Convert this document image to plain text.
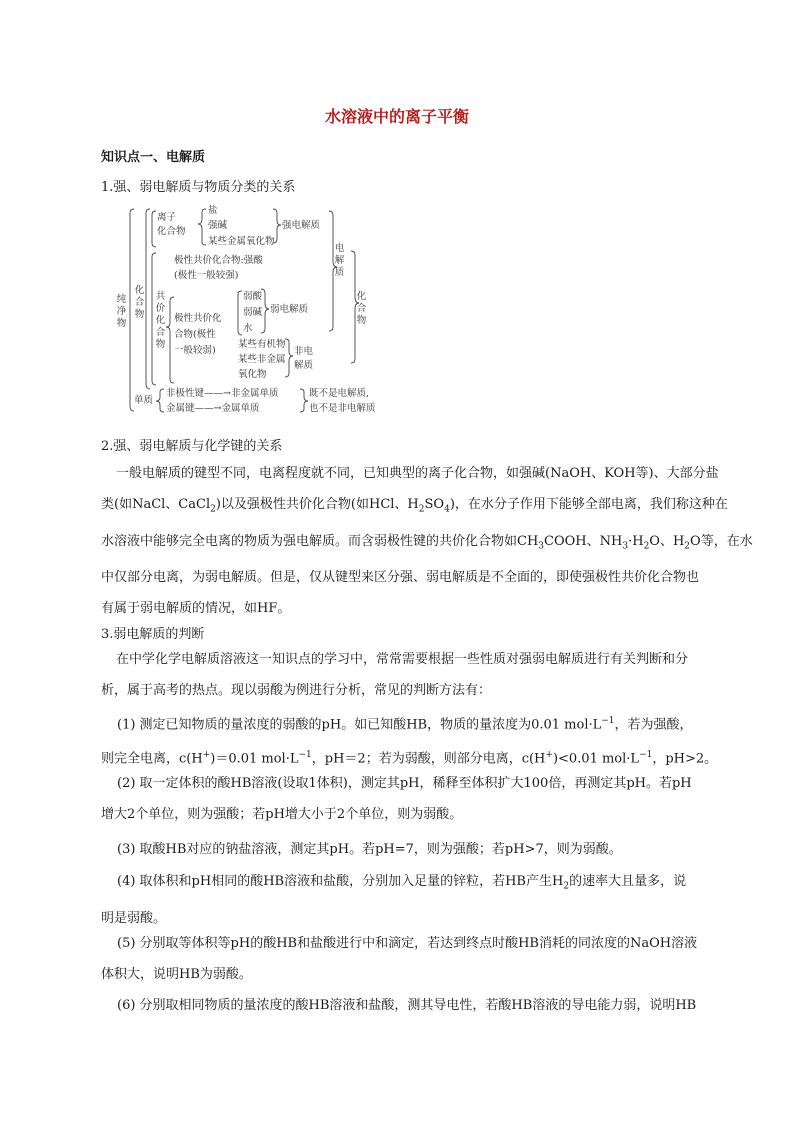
水溶液中的离子平衡
知识点一、电解质

1.强、弱电解质与物质分类的关系

纯净物
化合物
离子
化合物
盐
强碱
某些金属氧化物
强电解质
极性共价化合物:强酸
(极性一般较强)
共价化合物
极性共价化
合物(极性
一般较弱)
弱酸
弱碱
水
弱电解质
某些有机物
某些非金属
氧化物
非电
解质
电解质
化合物
单质
非极性键——→非金属单质
金属键——→金属单质
既不是电解质,
也不是非电解质

2.强、弱电解质与化学键的关系

　一般电解质的键型不同，电离程度就不同，已知典型的离子化合物，如强碱(NaOH、KOH等)、大部分盐
类(如NaCl、CaCl$_2$)以及强极性共价化合物(如HCl、$H_2SO_4$)，在水分子作用下能够全部电离，我们称这种在
水溶液中能够完全电离的物质为强电解质。而含弱极性键的共价化合物如$CH_3COOH$、$NH_3\cdot H_2O$、$H_2O$等，在水
中仅部分电离，为弱电解质。但是，仅从键型来区分强、弱电解质是不全面的，即使强极性共价化合物也
有属于弱电解质的情况，如HF。

3.弱电解质的判断

　在中学化学电解质溶液这一知识点的学习中，常常需要根据一些性质对强弱电解质进行有关判断和分
析，属于高考的热点。现以弱酸为例进行分析，常见的判断方法有：
　(1) 测定已知物质的量浓度的弱酸的pH。如已知酸HB，物质的量浓度为0.01 $mol\cdot L^{-1}$，若为强酸，
则完全电离，c(H+)＝0.01 $mol\cdot L^{-1}$，pH＝2；若为弱酸，则部分电离，c(H+)<0.01 $mol\cdot L^{-1}$，pH>2。
　(2) 取一定体积的酸HB溶液(设取1体积)，测定其pH，稀释至体积扩大100倍，再测定其pH。若pH
增大2个单位，则为强酸；若pH增大小于2个单位，则为弱酸。
　(3) 取酸HB对应的钠盐溶液，测定其pH。若pH=7，则为强酸；若pH>7，则为弱酸。
　(4) 取体积和pH相同的酸HB溶液和盐酸，分别加入足量的锌粒，若HB产生$H_2$的速率大且量多，说
明是弱酸。
　(5) 分别取等体积等pH的酸HB和盐酸进行中和滴定，若达到终点时酸HB消耗的同浓度的NaOH溶液
体积大，说明HB为弱酸。
　(6) 分别取相同物质的量浓度的酸HB溶液和盐酸，测其导电性，若酸HB溶液的导电能力弱，说明HB
